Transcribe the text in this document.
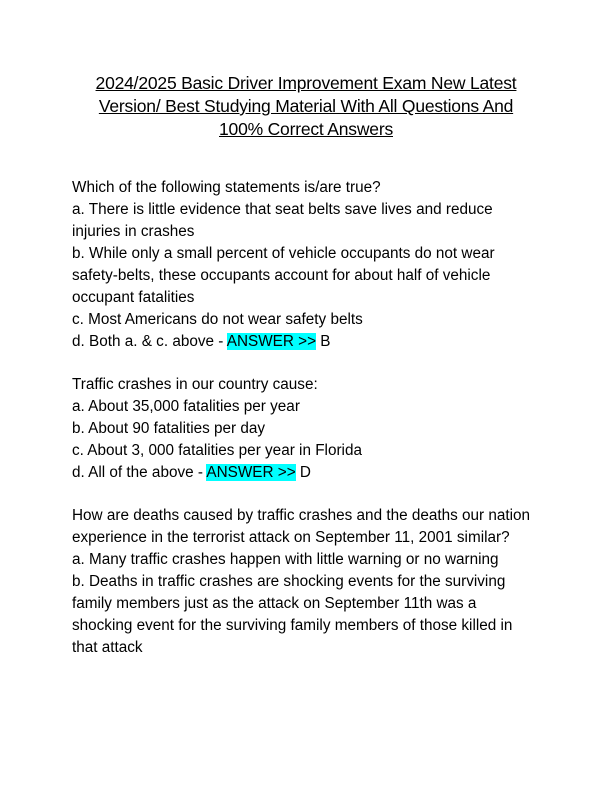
2024/2025 Basic Driver Improvement Exam New Latest Version/ Best Studying Material With All Questions And 100% Correct Answers
Which of the following statements is/are true?
a. There is little evidence that seat belts save lives and reduce injuries in crashes
b. While only a small percent of vehicle occupants do not wear safety-belts, these occupants account for about half of vehicle occupant fatalities
c. Most Americans do not wear safety belts
d. Both a. & c. above - ANSWER >> B
Traffic crashes in our country cause:
a. About 35,000 fatalities per year
b. About 90 fatalities per day
c. About 3, 000 fatalities per year in Florida
d. All of the above - ANSWER >> D
How are deaths caused by traffic crashes and the deaths our nation experience in the terrorist attack on September 11, 2001 similar?
a. Many traffic crashes happen with little warning or no warning
b. Deaths in traffic crashes are shocking events for the surviving family members just as the attack on September 11th was a shocking event for the surviving family members of those killed in that attack
